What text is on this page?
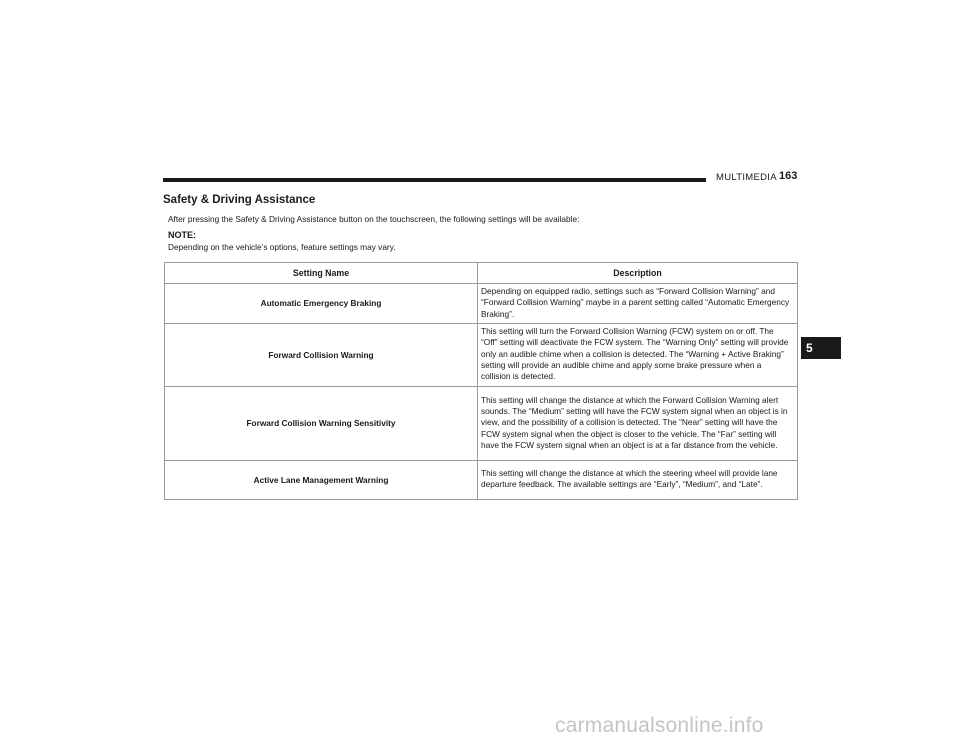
MULTIMEDIA 163
Safety & Driving Assistance
After pressing the Safety & Driving Assistance button on the touchscreen, the following settings will be available:
NOTE:
Depending on the vehicle’s options, feature settings may vary.
Setting Name	Description
Automatic Emergency Braking	Depending on equipped radio, settings such as “Forward Collision Warning” and “Forward Collision Warning” maybe in a parent setting called “Automatic Emergency Braking”.
Forward Collision Warning	This setting will turn the Forward Collision Warning (FCW) system on or off. The “Off” setting will deactivate the FCW system. The “Warning Only” setting will provide only an audible chime when a collision is detected. The “Warning + Active Braking” setting will provide an audible chime and apply some brake pressure when a collision is detected.
Forward Collision Warning Sensitivity	This setting will change the distance at which the Forward Collision Warning alert sounds. The “Medium” setting will have the FCW system signal when an object is in view, and the possibility of a collision is detected. The “Near” setting will have the FCW system signal when the object is closer to the vehicle. The “Far” setting will have the FCW system signal when an object is at a far distance from the vehicle.
Active Lane Management Warning	This setting will change the distance at which the steering wheel will provide lane departure feedback. The available settings are “Early”, “Medium”, and “Late”.
5
carmanualsonline.info
